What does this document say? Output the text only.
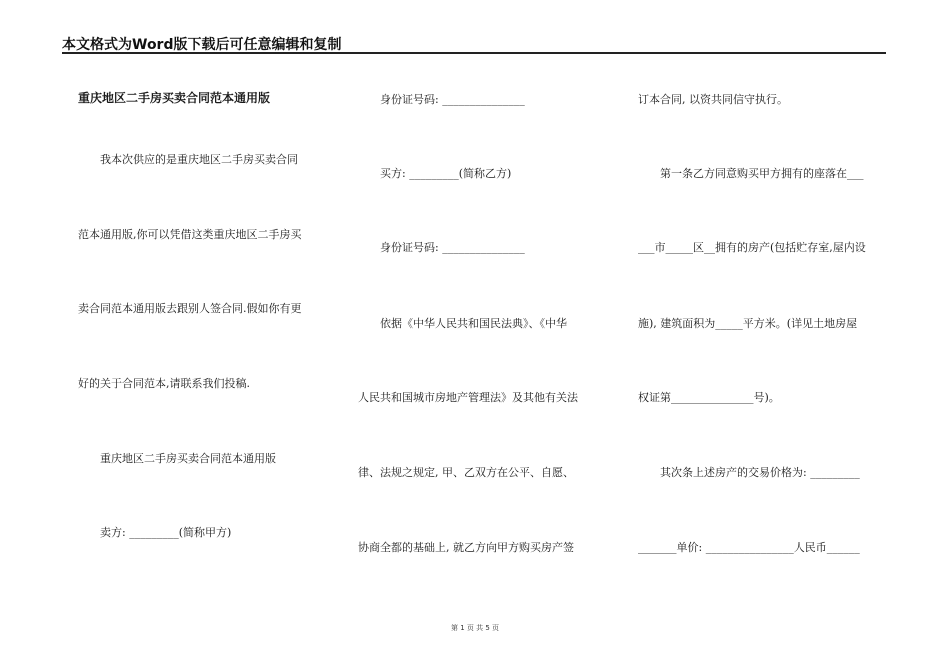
本文格式为Word版下载后可任意编辑和复制
重庆地区二手房买卖合同范本通用版
　　我本次供应的是重庆地区二手房买卖合同
范本通用版,你可以凭借这类重庆地区二手房买
卖合同范本通用版去跟别人签合同.假如你有更
好的关于合同范本,请联系我们投稿.
　　重庆地区二手房买卖合同范本通用版
　　卖方: _________(简称甲方)
　　身份证号码: _______________
　　买方: _________(简称乙方)
　　身份证号码: _______________
　　依据《中华人民共和国民法典》、《中华
人民共和国城市房地产管理法》及其他有关法
律、法规之规定, 甲、乙双方在公平、自愿、
协商全都的基础上, 就乙方向甲方购买房产签
订本合同, 以资共同信守执行。
　　第一条乙方同意购买甲方拥有的座落在___
___市_____区__拥有的房产(包括贮存室,屋内设
施), 建筑面积为_____平方米。(详见土地房屋
权证第_______________号)。
　　其次条上述房产的交易价格为: _________
_______单价: ________________人民币______
第 1 页 共 5 页
